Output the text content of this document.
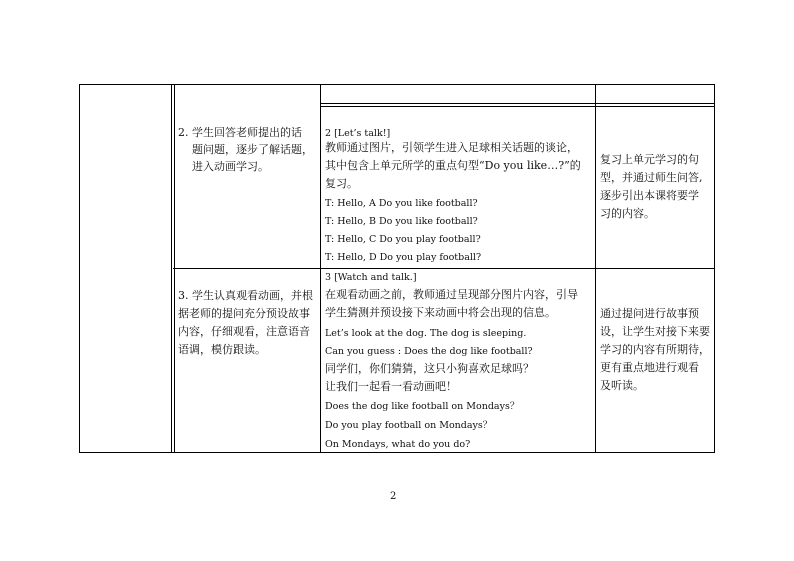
2. 学生回答老师提出的话
题问题，逐步了解话题，
进入动画学习。
2 [Let’s talk!]
教师通过图片，引领学生进入足球相关话题的谈论，
其中包含上单元所学的重点句型“Do you like…?”的
复习。
T: Hello, A Do you like football?
T: Hello, B Do you like football?
T: Hello, C Do you play football?
T: Hello, D Do you play football?
复习上单元学习的句
型，并通过师生问答,
逐步引出本课将要学
习的内容。
3. 学生认真观看动画，并根
据老师的提问充分预设故事
内容，仔细观看，注意语音
语调，模仿跟读。
3 [Watch and talk.]
在观看动画之前，教师通过呈现部分图片内容，引导
学生猜测并预设接下来动画中将会出现的信息。
Let’s look at the dog. The dog is sleeping.
Can you guess : Does the dog like football?
同学们，你们猜猜，这只小狗喜欢足球吗？
让我们一起看一看动画吧！
Does the dog like football on Mondays？
Do you play football on Mondays？
On Mondays, what do you do?
通过提问进行故事预
设，让学生对接下来要
学习的内容有所期待，
更有重点地进行观看
及听读。
2
